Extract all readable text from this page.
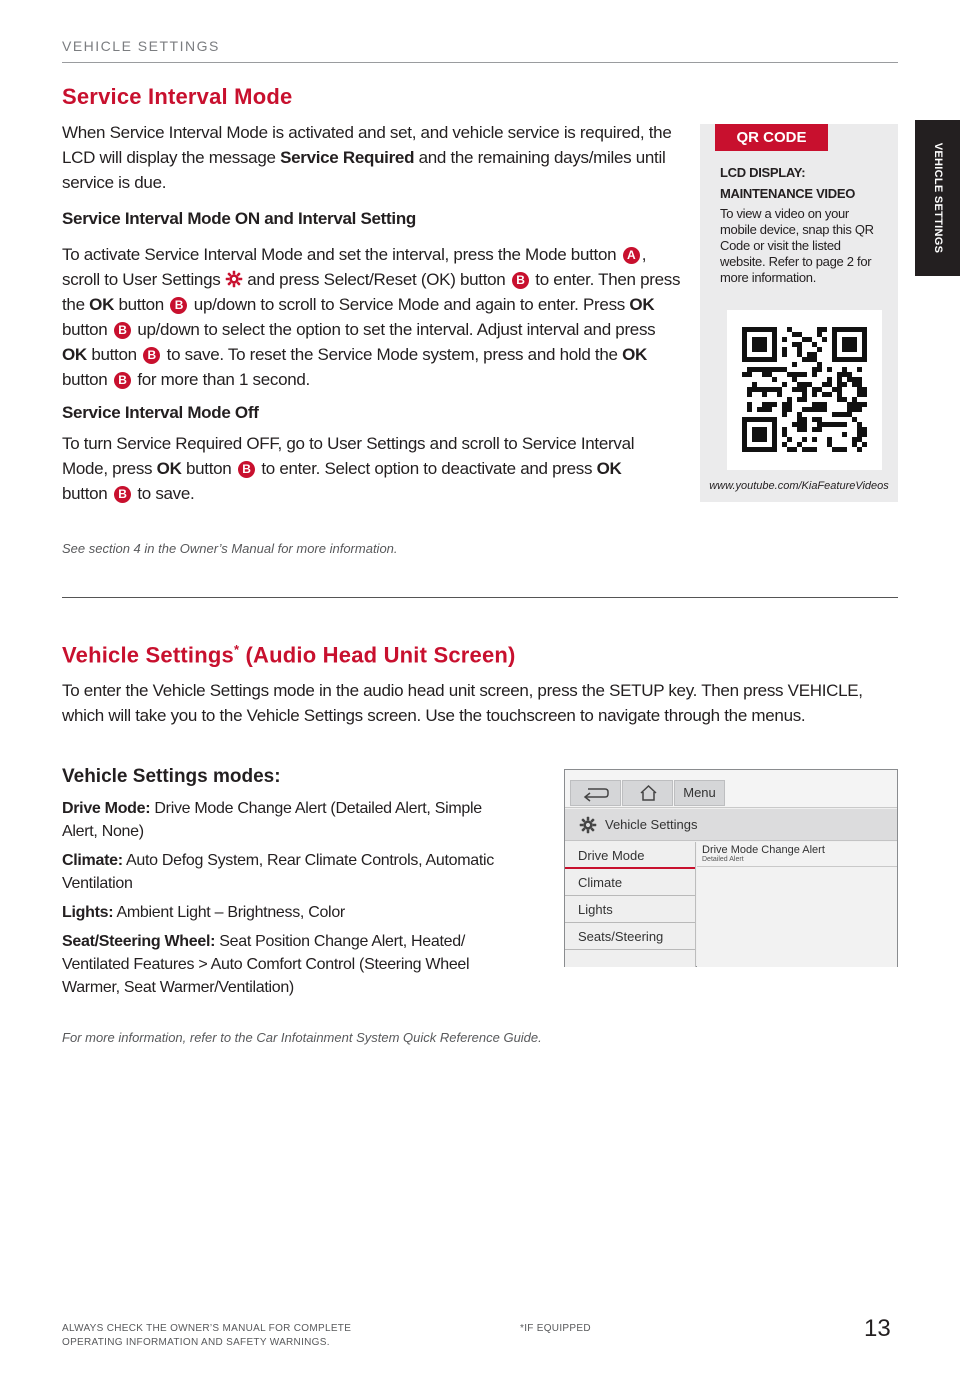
VEHICLE SETTINGS
VEHICLE SETTINGS
Service Interval Mode

When Service Interval Mode is activated and set, and vehicle service is required, the LCD will display the message Service Required and the remaining days/miles until service is due.

Service Interval Mode ON and Interval Setting

To activate Service Interval Mode and set the interval, press the Mode button A , scroll to User Settings  and press Select/Reset (OK) button B to enter. Then press the OK button B up/down to scroll to Service Mode and again to enter. Press OK button B up/down to select the option to set the interval. Adjust interval and press OK button B to save. To reset the Service Mode system, press and hold the OK button B for more than 1 second.

Service Interval Mode Off

To turn Service Required OFF, go to User Settings and scroll to Service Interval Mode, press OK button B to enter. Select option to deactivate and press OK
button B to save.

See section 4 in the Owner’s Manual for more information.

QR CODE
LCD DISPLAY: MAINTENANCE VIDEO
To view a video on your mobile device, snap this QR Code or visit the listed website. Refer to page 2 for more information.
www.youtube.com/KiaFeatureVideos
Vehicle Settings* (Audio Head Unit Screen)

To enter the Vehicle Settings mode in the audio head unit screen, press the SETUP key. Then press VEHICLE, which will take you to the Vehicle Settings screen. Use the touchscreen to navigate through the menus.

Vehicle Settings modes:
Drive Mode: Drive Mode Change Alert (Detailed Alert, Simple Alert, None)
Climate: Auto Defog System, Rear Climate Controls, Automatic Ventilation
Lights: Ambient Light – Brightness, Color
Seat/Steering Wheel: Seat Position Change Alert, Heated/ Ventilated Features > Auto Comfort Control (Steering Wheel Warmer, Seat Warmer/Ventilation)

For more information, refer to the Car Infotainment System Quick Reference Guide.

Menu
Vehicle Settings
Drive Mode
Climate
Lights
Seats/Steering
Drive Mode Change Alert
Detailed Alert
ALWAYS CHECK THE OWNER’S MANUAL FOR COMPLETE OPERATING INFORMATION AND SAFETY WARNINGS.
*IF EQUIPPED	13
